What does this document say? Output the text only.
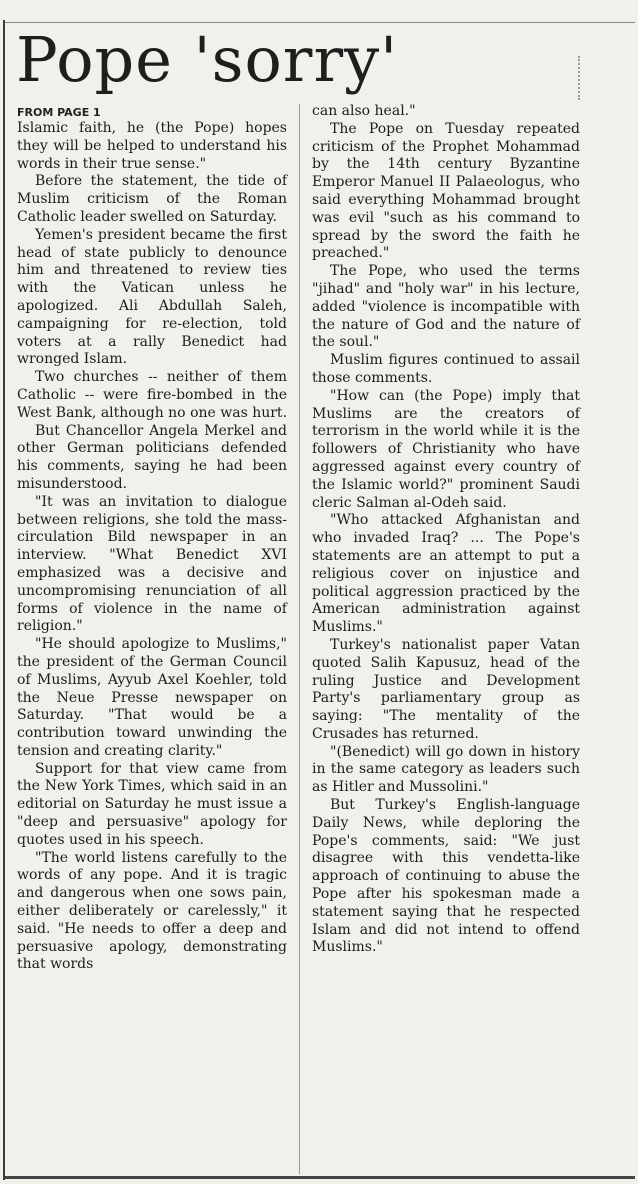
Pope 'sorry'
FROM PAGE 1

Islamic faith, he (the Pope) hopes they will be helped to understand his words in their true sense."

Before the statement, the tide of Muslim criticism of the Roman Catholic leader swelled on Saturday.

Yemen's president became the first head of state publicly to denounce him and threatened to review ties with the Vatican unless he apologized. Ali Abdullah Saleh, campaigning for re-election, told voters at a rally Benedict had wronged Islam.

Two churches -- neither of them Catholic -- were fire-bombed in the West Bank, although no one was hurt.

But Chancellor Angela Merkel and other German politicians defended his comments, saying he had been misunderstood.

"It was an invitation to dialogue between religions, she told the mass-circulation Bild newspaper in an interview. "What Benedict XVI emphasized was a decisive and uncompromising renunciation of all forms of violence in the name of religion."

"He should apologize to Muslims," the president of the German Council of Muslims, Ayyub Axel Koehler, told the Neue Presse newspaper on Saturday. "That would be a contribution toward unwinding the tension and creating clarity."

Support for that view came from the New York Times, which said in an editorial on Saturday he must issue a "deep and persuasive" apology for quotes used in his speech.

"The world listens carefully to the words of any pope. And it is tragic and dangerous when one sows pain, either deliberately or carelessly," it said. "He needs to offer a deep and persuasive apology, demonstrating that words

can also heal."

The Pope on Tuesday repeated criticism of the Prophet Mohammad by the 14th century Byzantine Emperor Manuel II Palaeologus, who said everything Mohammad brought was evil "such as his command to spread by the sword the faith he preached."

The Pope, who used the terms "jihad" and "holy war" in his lecture, added "violence is incompatible with the nature of God and the nature of the soul."

Muslim figures continued to assail those comments.

"How can (the Pope) imply that Muslims are the creators of terrorism in the world while it is the followers of Christianity who have aggressed against every country of the Islamic world?" prominent Saudi cleric Salman al-Odeh said.

"Who attacked Afghanistan and who invaded Iraq? ... The Pope's statements are an attempt to put a religious cover on injustice and political aggression practiced by the American administration against Muslims."

Turkey's nationalist paper Vatan quoted Salih Kapusuz, head of the ruling Justice and Development Party's parliamentary group as saying: "The mentality of the Crusades has returned.

"(Benedict) will go down in history in the same category as leaders such as Hitler and Mussolini."

But Turkey's English-language Daily News, while deploring the Pope's comments, said: "We just disagree with this vendetta-like approach of continuing to abuse the Pope after his spokesman made a statement saying that he respected Islam and did not intend to offend Muslims."
